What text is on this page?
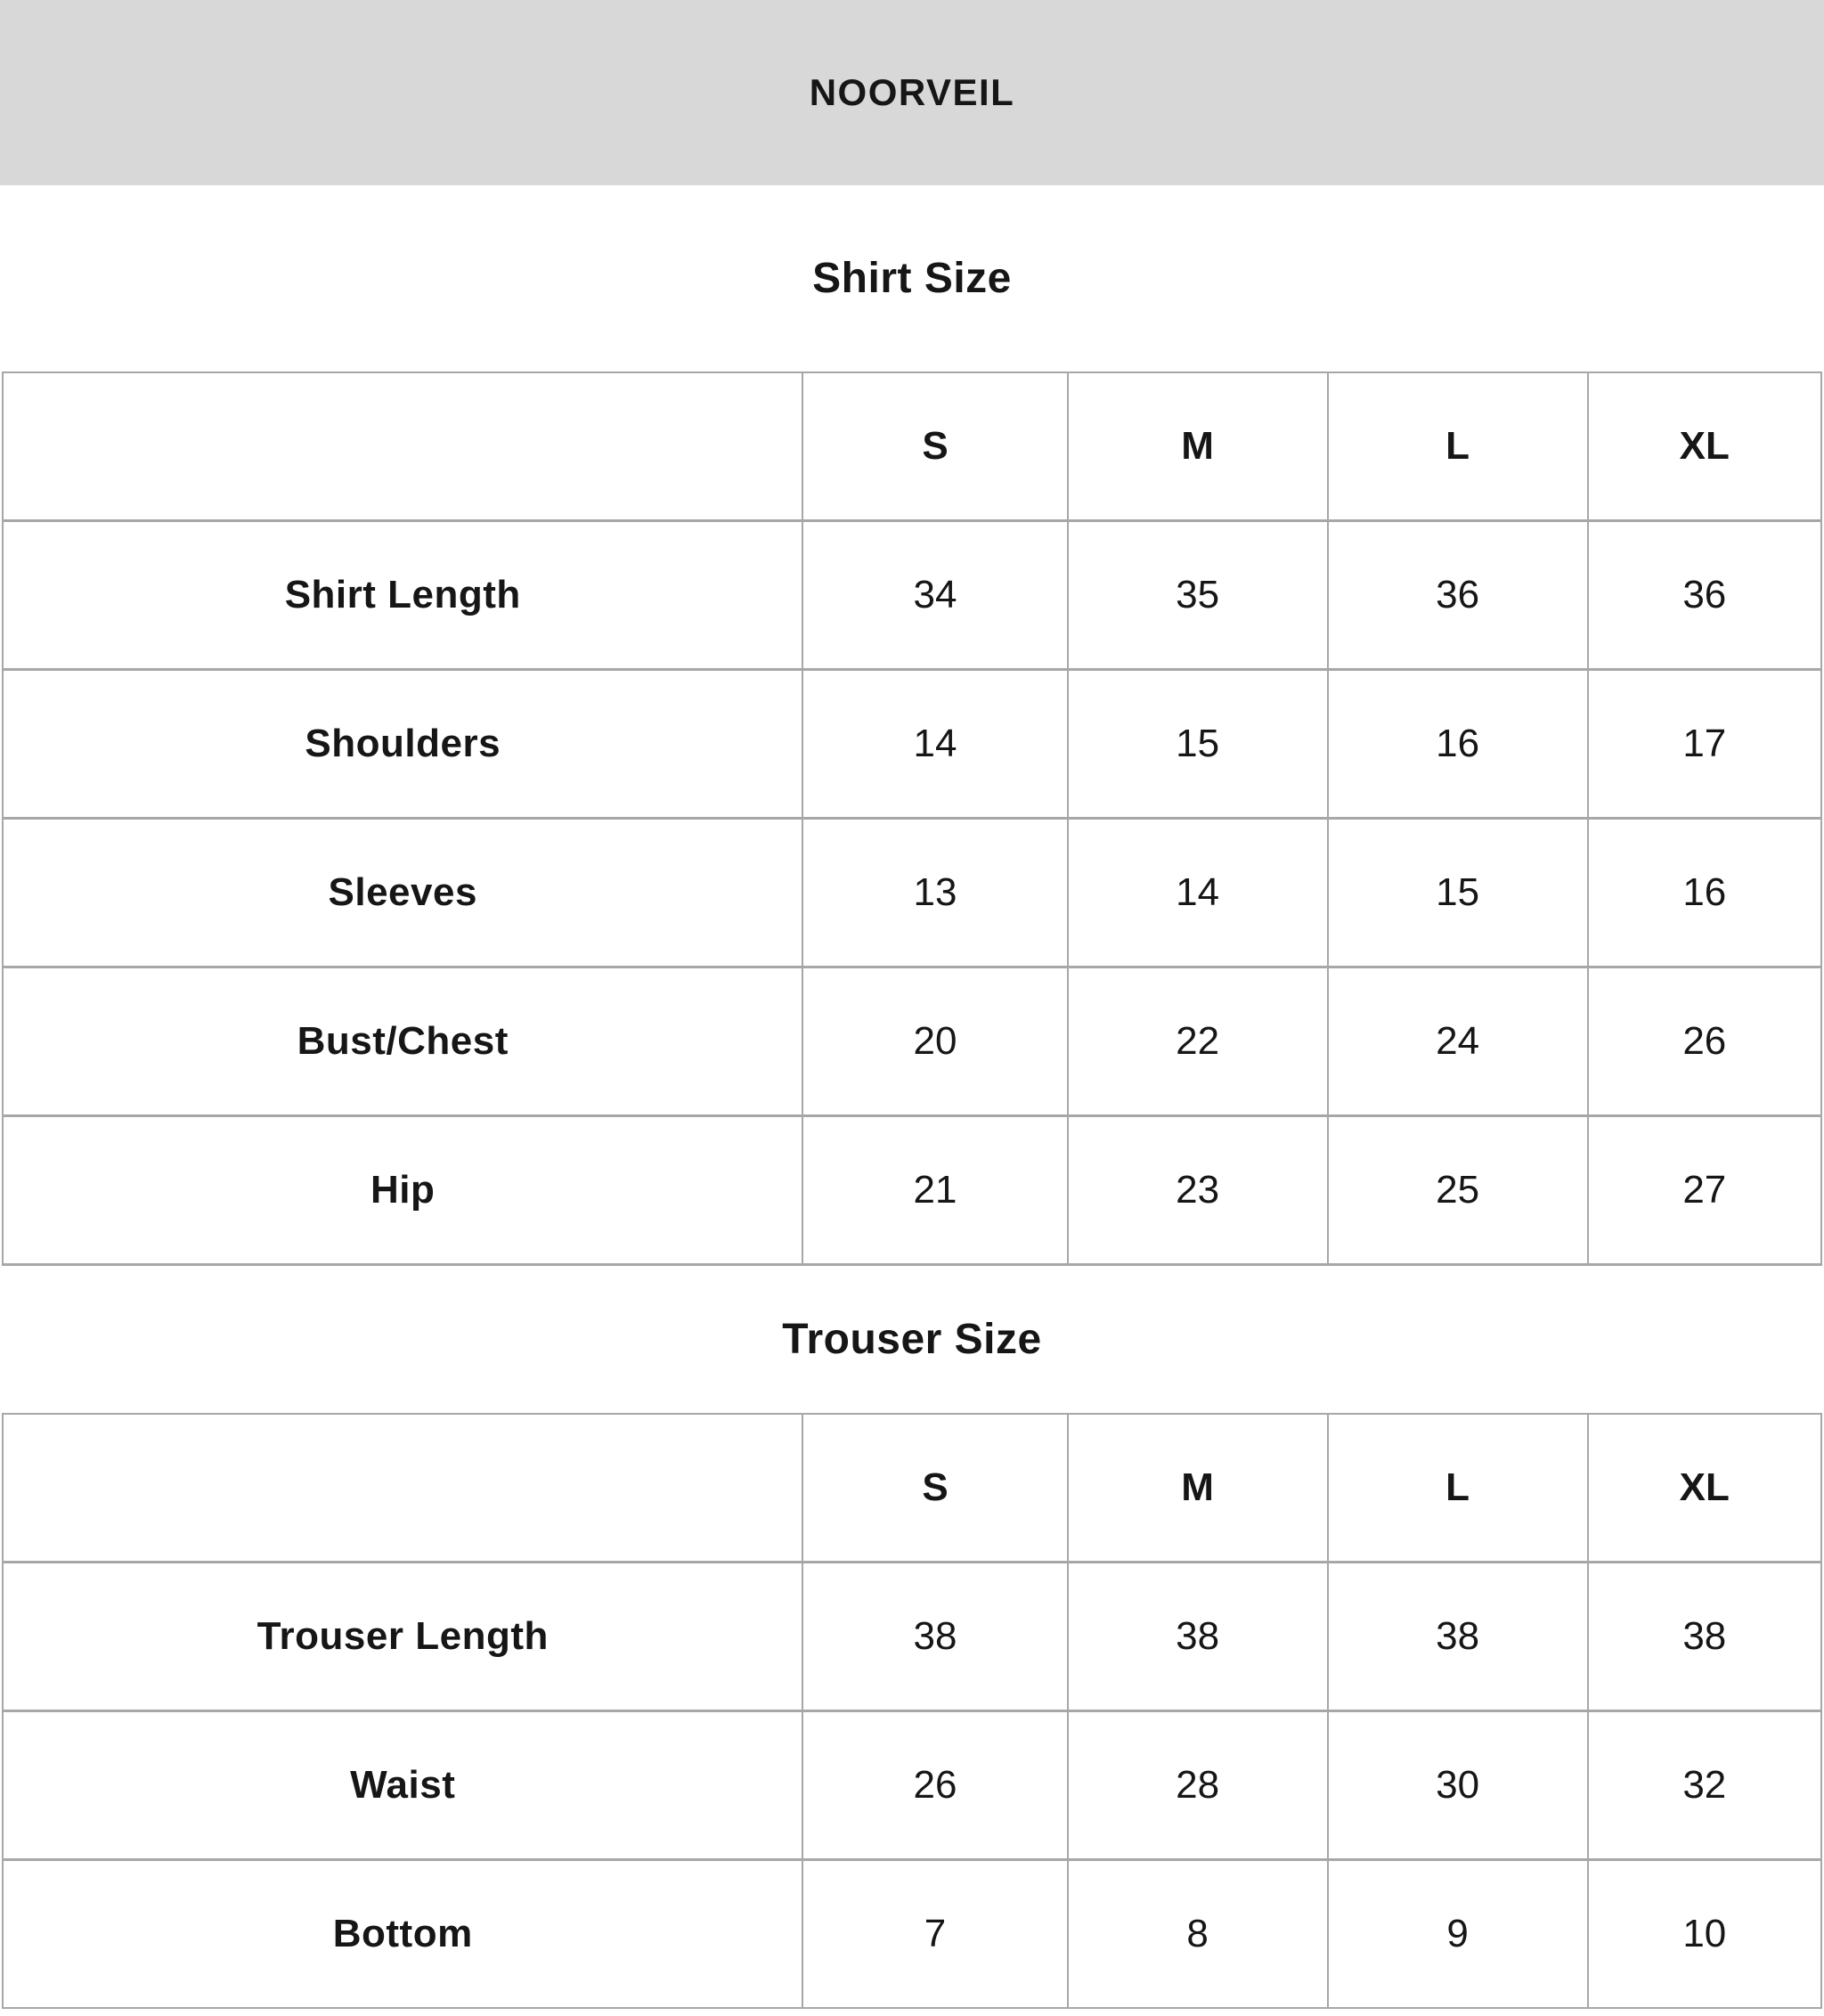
NOORVEIL
Shirt Size
	S	M	L	XL
Shirt Length	34	35	36	36
Shoulders	14	15	16	17
Sleeves	13	14	15	16
Bust/Chest	20	22	24	26
Hip	21	23	25	27
Trouser Size
	S	M	L	XL
Trouser Length	38	38	38	38
Waist	26	28	30	32
Bottom	7	8	9	10
